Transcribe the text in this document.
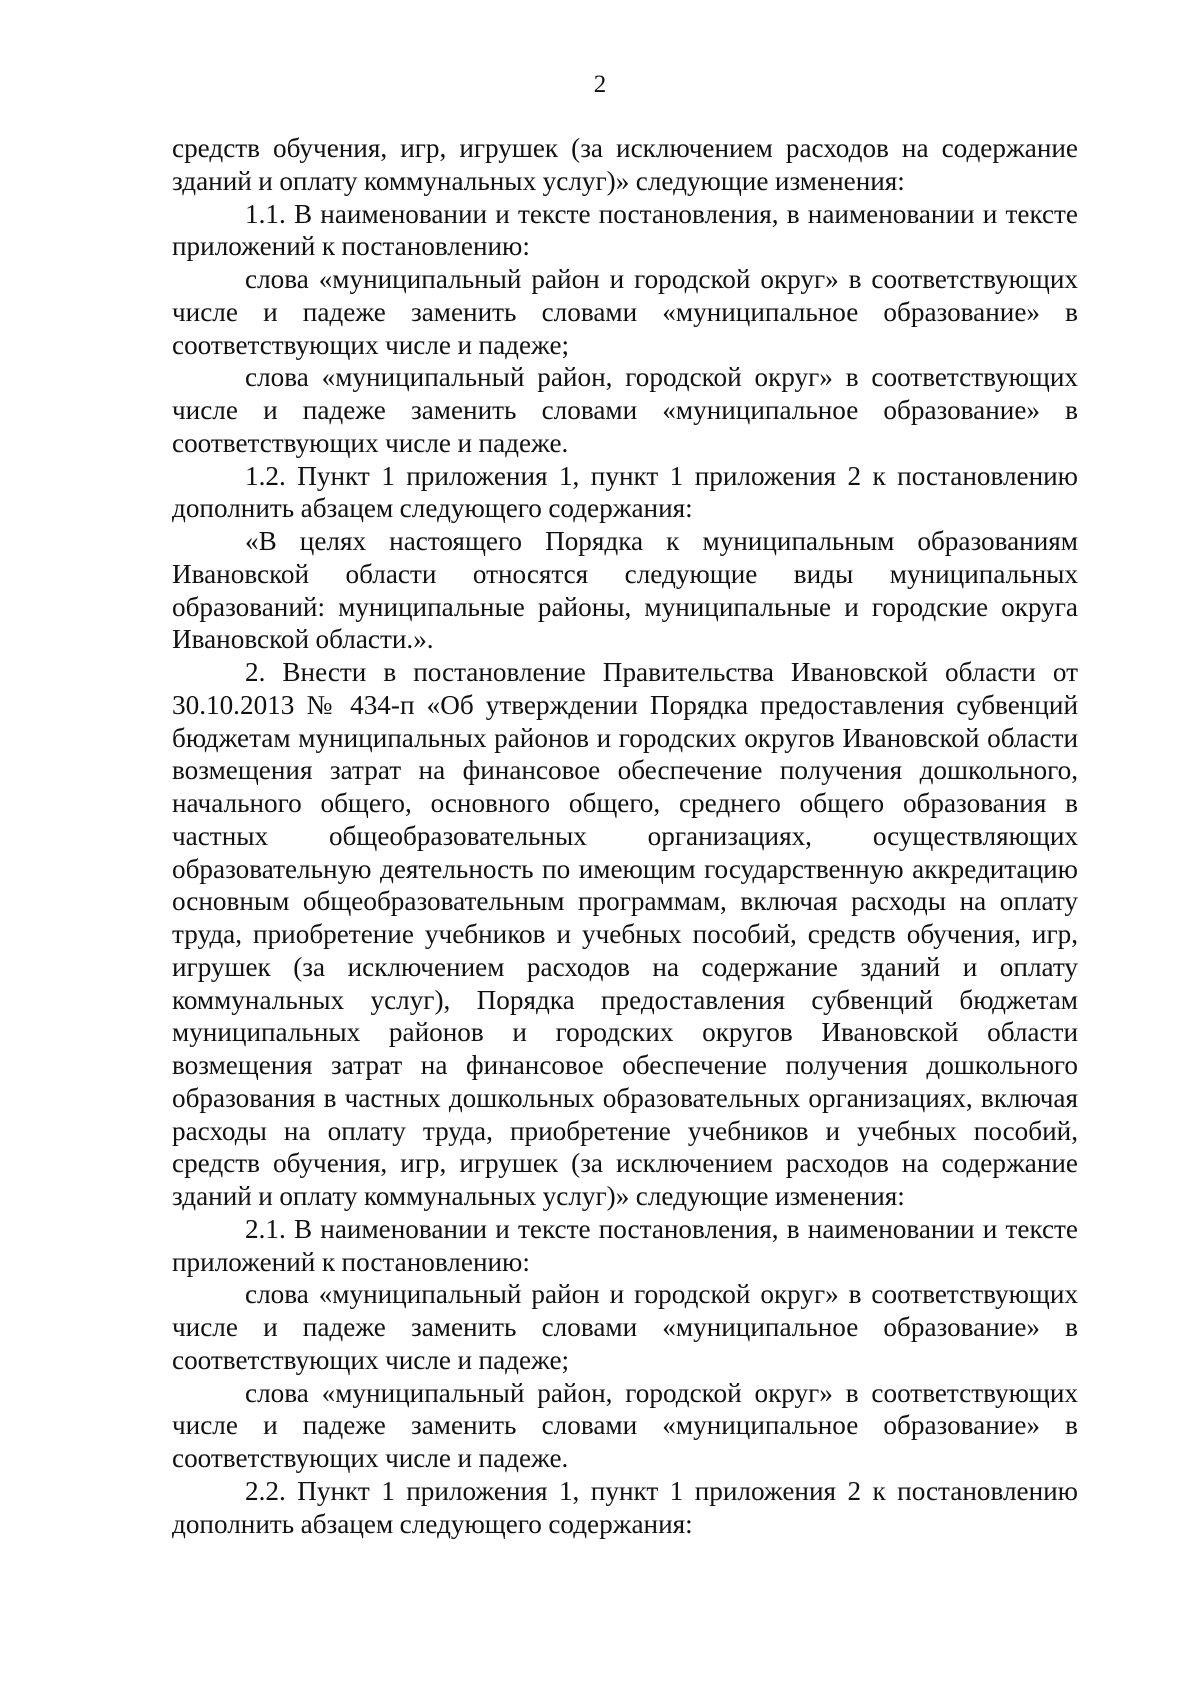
2

средств обучения, игр, игрушек (за исключением расходов на содержание зданий и оплату коммунальных услуг)» следующие изменения:

1.1. В наименовании и тексте постановления, в наименовании и тексте приложений к постановлению:

слова «муниципальный район и городской округ» в соответствующих числе и падеже заменить словами «муниципальное образование» в соответствующих числе и падеже;

слова «муниципальный район, городской округ» в соответствующих числе и падеже заменить словами «муниципальное образование» в соответствующих числе и падеже.

1.2. Пункт 1 приложения 1, пункт 1 приложения 2 к постановлению дополнить абзацем следующего содержания:

«В целях настоящего Порядка к муниципальным образованиям Ивановской области относятся следующие виды муниципальных образований: муниципальные районы, муниципальные и городские округа Ивановской области.».

2. Внести в постановление Правительства Ивановской области от 30.10.2013 № 434-п «Об утверждении Порядка предоставления субвенций бюджетам муниципальных районов и городских округов Ивановской области возмещения затрат на финансовое обеспечение получения дошкольного, начального общего, основного общего, среднего общего образования в частных общеобразовательных организациях, осуществляющих образовательную деятельность по имеющим государственную аккредитацию основным общеобразовательным программам, включая расходы на оплату труда, приобретение учебников и учебных пособий, средств обучения, игр, игрушек (за исключением расходов на содержание зданий и оплату коммунальных услуг), Порядка предоставления субвенций бюджетам муниципальных районов и городских округов Ивановской области возмещения затрат на финансовое обеспечение получения дошкольного образования в частных дошкольных образовательных организациях, включая расходы на оплату труда, приобретение учебников и учебных пособий, средств обучения, игр, игрушек (за исключением расходов на содержание зданий и оплату коммунальных услуг)» следующие изменения:

2.1. В наименовании и тексте постановления, в наименовании и тексте приложений к постановлению:

слова «муниципальный район и городской округ» в соответствующих числе и падеже заменить словами «муниципальное образование» в соответствующих числе и падеже;

слова «муниципальный район, городской округ» в соответствующих числе и падеже заменить словами «муниципальное образование» в соответствующих числе и падеже.

2.2. Пункт 1 приложения 1, пункт 1 приложения 2 к постановлению дополнить абзацем следующего содержания:
